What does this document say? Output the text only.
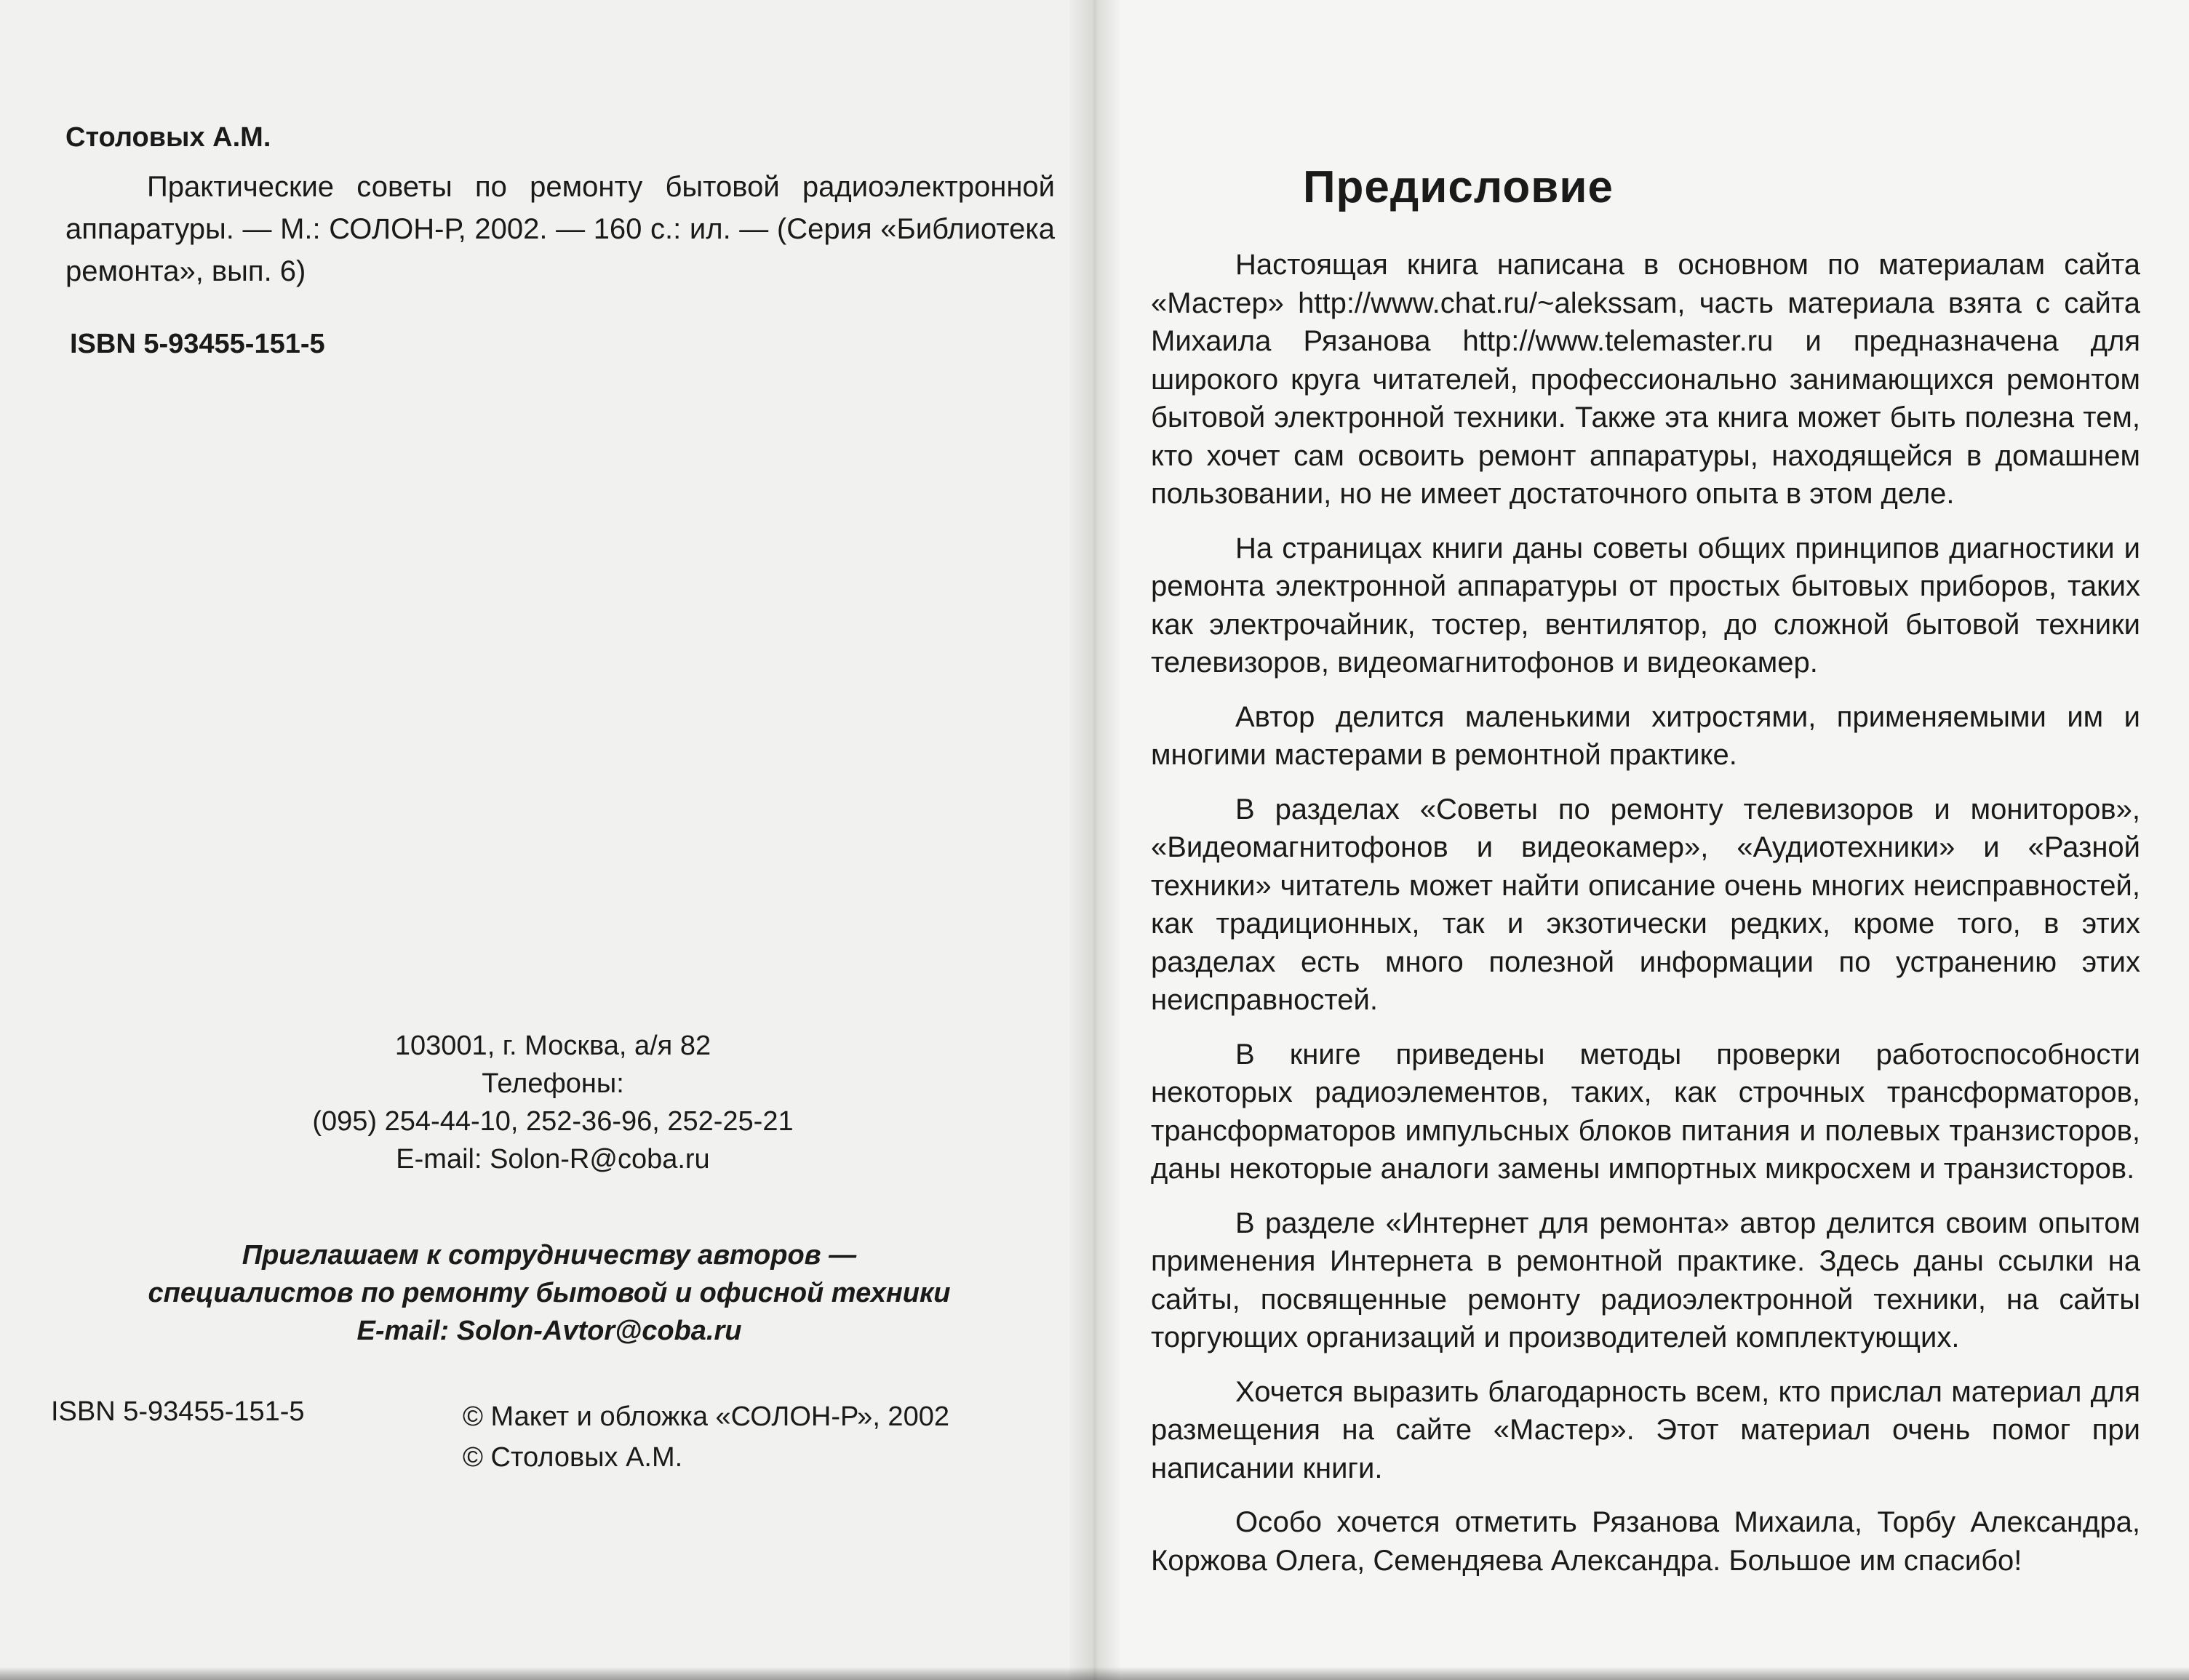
Столовых А.М.

Практические советы по ремонту бытовой радиоэлектронной аппаратуры. — М.: СОЛОН-Р, 2002. — 160 с.: ил. — (Серия «Библиотека ремонта», вып. 6)

ISBN 5-93455-151-5

103001, г. Москва, а/я 82
Телефоны:
(095) 254-44-10, 252-36-96, 252-25-21
E-mail: Solon-R@coba.ru
Приглашаем к сотрудничеству авторов —
специалистов по ремонту бытовой и офисной техники
E-mail: Solon-Avtor@coba.ru

ISBN 5-93455-151-5	© Макет и обложка «СОЛОН-Р», 2002
© Столовых А.М.
Предисловие

Настоящая книга написана в основном по материалам сайта «Мастер» http://www.chat.ru/~alekssam, часть материала взята с сайта Михаила Рязанова http://www.telemaster.ru и предназначена для широкого круга читателей, профессионально занимающихся ремонтом бытовой электронной техники. Также эта книга может быть полезна тем, кто хочет сам освоить ремонт аппаратуры, находящейся в домашнем пользовании, но не имеет достаточного опыта в этом деле.

На страницах книги даны советы общих принципов диагностики и ремонта электронной аппаратуры от простых бытовых приборов, таких как электрочайник, тостер, вентилятор, до сложной бытовой техники телевизоров, видеомагнитофонов и видеокамер.

Автор делится маленькими хитростями, применяемыми им и многими мастерами в ремонтной практике.

В разделах «Советы по ремонту телевизоров и мониторов», «Видеомагнитофонов и видеокамер», «Аудиотехники» и «Разной техники» читатель может найти описание очень многих неисправностей, как традиционных, так и экзотически редких, кроме того, в этих разделах есть много полезной информации по устранению этих неисправностей.

В книге приведены методы проверки работоспособности некоторых радиоэлементов, таких, как строчных трансформаторов, трансформаторов импульсных блоков питания и полевых транзисторов, даны некоторые аналоги замены импортных микросхем и транзисторов.

В разделе «Интернет для ремонта» автор делится своим опытом применения Интернета в ремонтной практике. Здесь даны ссылки на сайты, посвященные ремонту радиоэлектронной техники, на сайты торгующих организаций и производителей комплектующих.

Хочется выразить благодарность всем, кто прислал материал для размещения на сайте «Мастер». Этот материал очень помог при написании книги.

Особо хочется отметить Рязанова Михаила, Торбу Александра, Коржова Олега, Семендяева Александра. Большое им спасибо!
